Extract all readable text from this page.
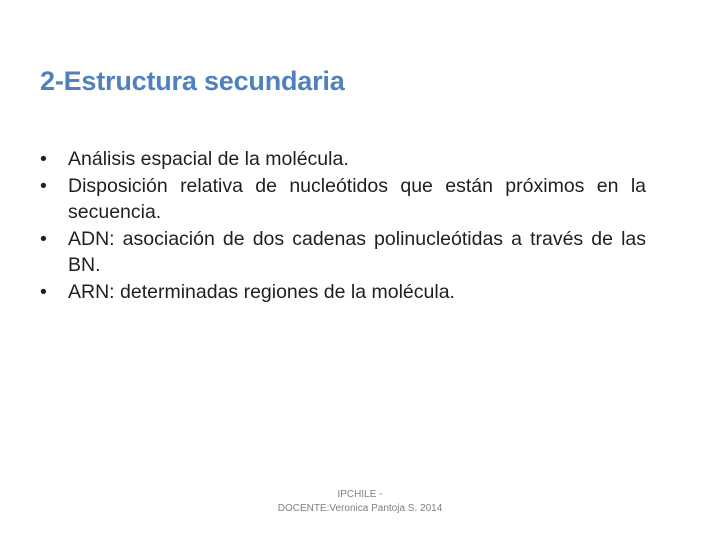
2-Estructura secundaria
• Análisis espacial de la molécula.
• Disposición relativa de nucleótidos que están próximos en la secuencia.
• ADN: asociación de dos cadenas polinucleótidas a través de las BN.
• ARN: determinadas regiones de la molécula.
IPCHILE -
DOCENTE:Veronica Pantoja S. 2014
